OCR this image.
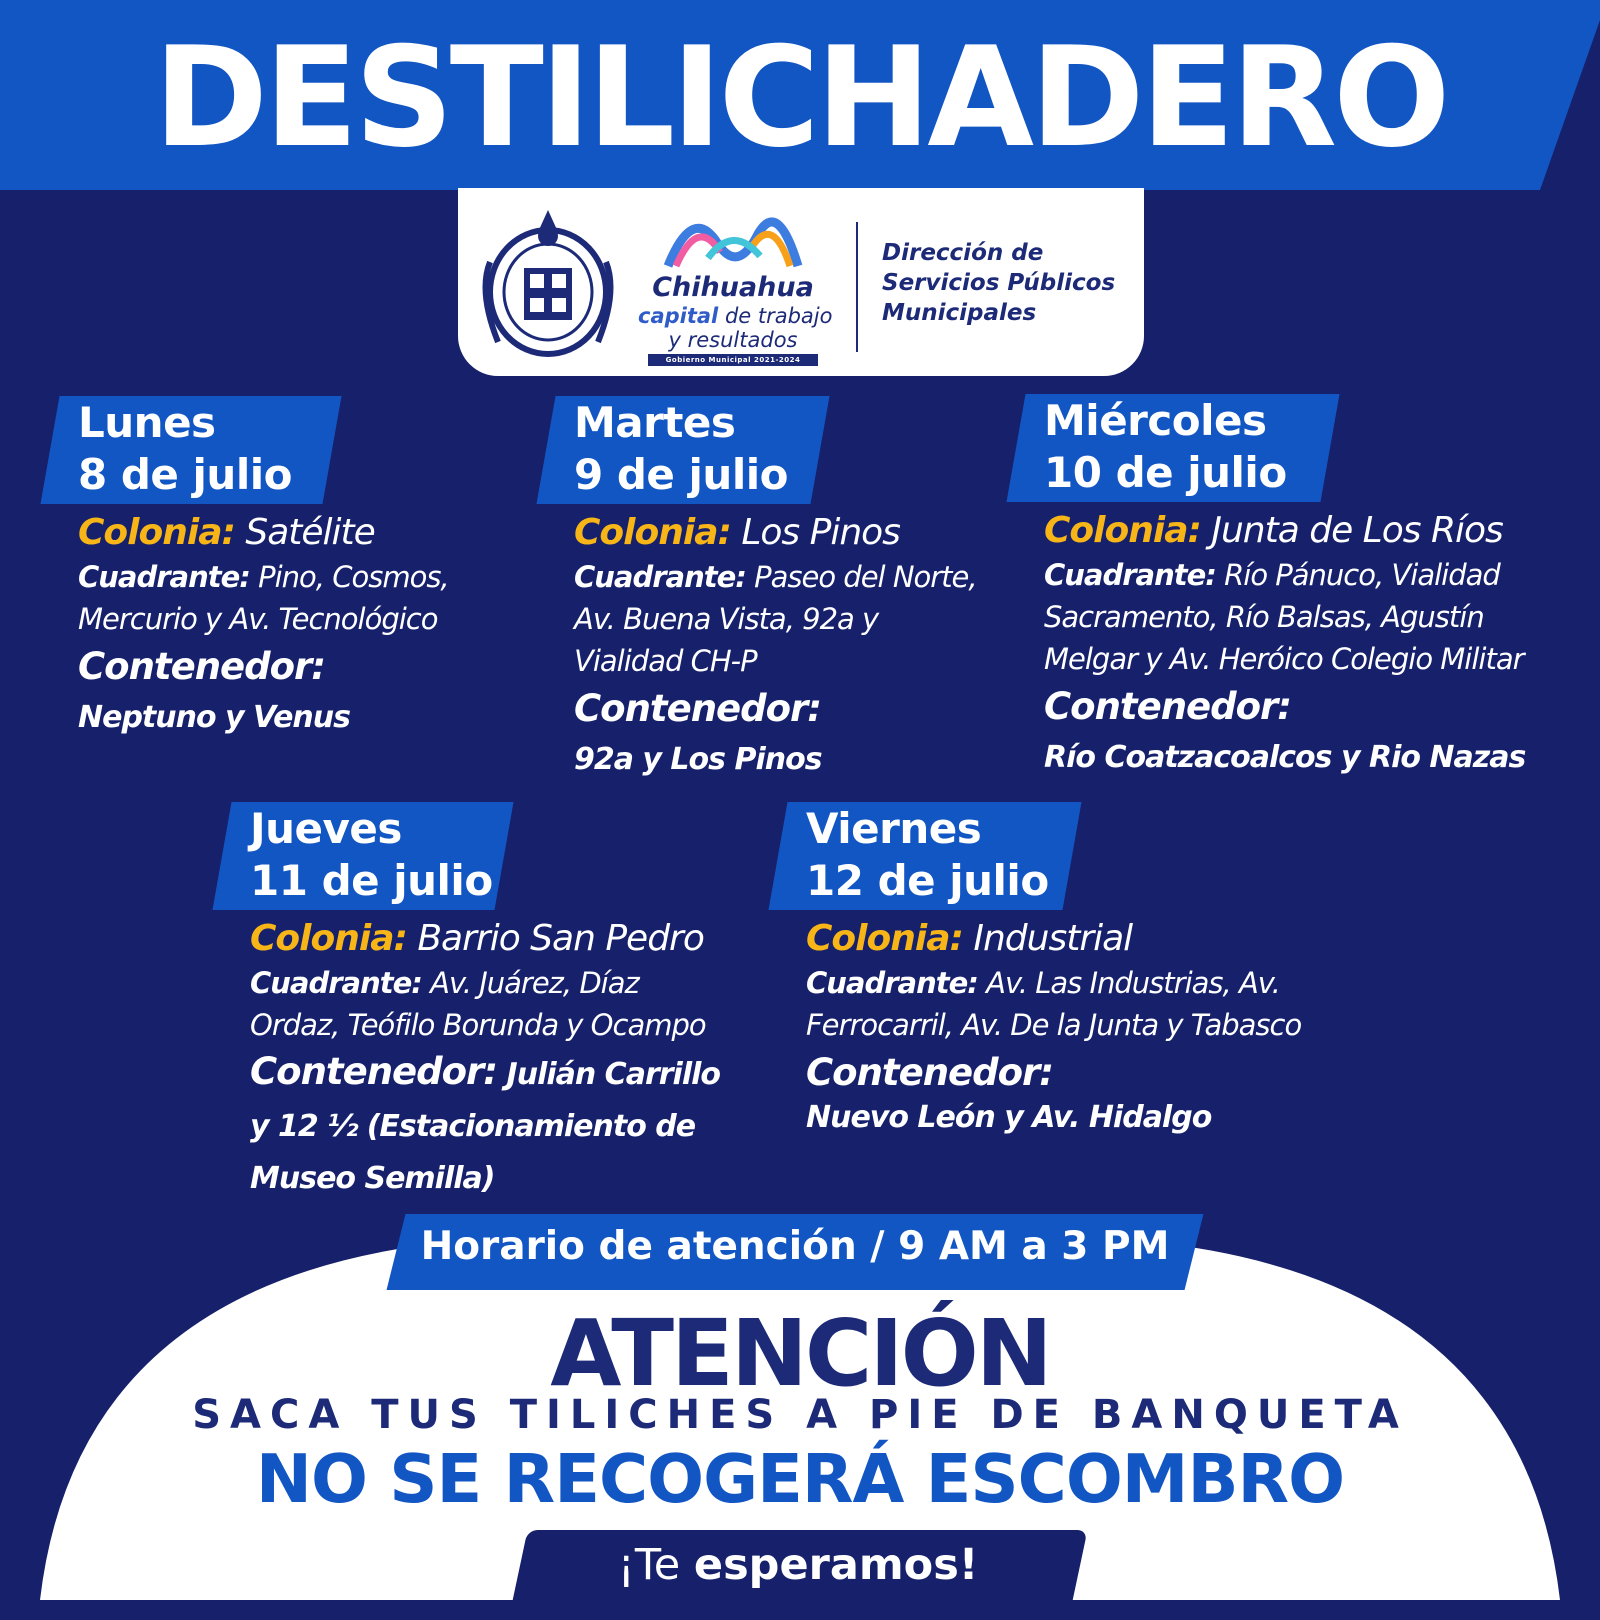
DESTILICHADERO
Chihuahua
capital de trabajo
y resultados
Gobierno Municipal 2021-2024
Dirección de Servicios Públicos Municipales
Lunes
8 de julio
Colonia: Satélite
Cuadrante: Pino, Cosmos, Mercurio y Av. Tecnológico
Contenedor:
Neptuno y Venus
Martes
9 de julio
Colonia: Los Pinos
Cuadrante: Paseo del Norte, Av. Buena Vista, 92a y Vialidad CH-P
Contenedor:
92a y Los Pinos
Miércoles
10 de julio
Colonia: Junta de Los Ríos
Cuadrante: Río Pánuco, Vialidad Sacramento, Río Balsas, Agustín Melgar y Av. Heróico Colegio Militar
Contenedor:
Río Coatzacoalcos y Rio Nazas
Jueves
11 de julio
Colonia: Barrio San Pedro
Cuadrante: Av. Juárez, Díaz Ordaz, Teófilo Borunda y Ocampo
Contenedor: Julián Carrillo y 12 ½ (Estacionamiento de Museo Semilla)
Viernes
12 de julio
Colonia: Industrial
Cuadrante: Av. Las Industrias, Av. Ferrocarril, Av. De la Junta y Tabasco
Contenedor:
Nuevo León y Av. Hidalgo
Horario de atención / 9 AM a 3 PM
ATENCIÓN
SACA TUS TILICHES A PIE DE BANQUETA
NO SE RECOGERÁ ESCOMBRO
¡Te esperamos!
